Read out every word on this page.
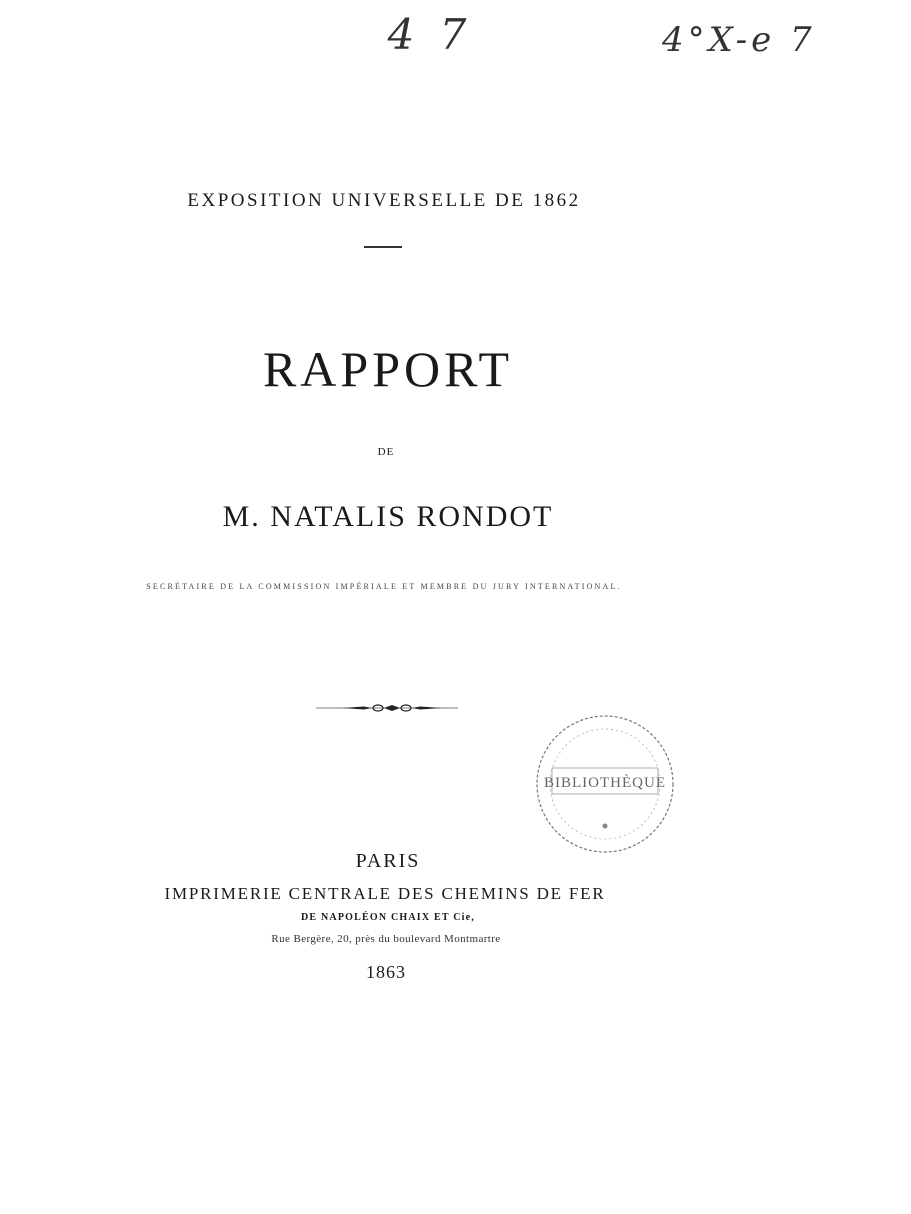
4 7	4°X-e 7
EXPOSITION UNIVERSELLE DE 1862
RAPPORT
DE
M. NATALIS RONDOT
SECRÉTAIRE DE LA COMMISSION IMPÉRIALE ET MEMBRE DU JURY INTERNATIONAL.
BIBLIOTHÈQUE
PARIS
IMPRIMERIE CENTRALE DES CHEMINS DE FER
DE NAPOLÉON CHAIX ET Cie,
Rue Bergère, 20, près du boulevard Montmartre
1863
